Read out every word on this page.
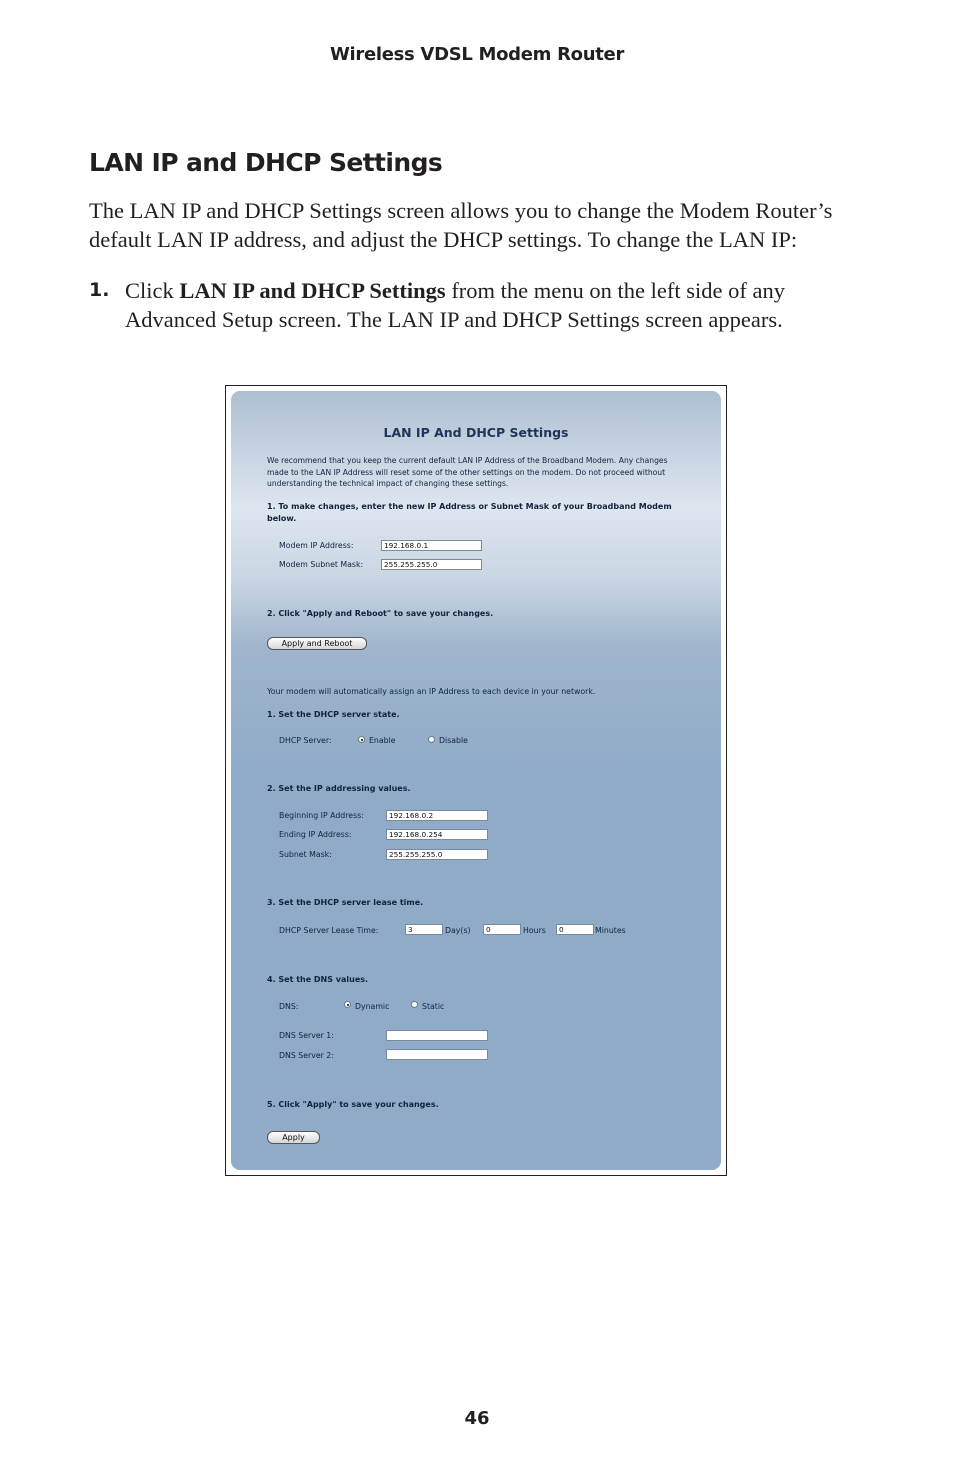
Wireless VDSL Modem Router
LAN IP and DHCP Settings

The LAN IP and DHCP Settings screen allows you to change the Modem Router’s default LAN IP address, and adjust the DHCP settings. To change the LAN IP:

1. Click LAN IP and DHCP Settings from the menu on the left side of any Advanced Setup screen. The LAN IP and DHCP Settings screen appears.
LAN IP And DHCP Settings
We recommend that you keep the current default LAN IP Address of the Broadband Modem. Any changes made to the LAN IP Address will reset some of the other settings on the modem. Do not proceed without understanding the technical impact of changing these settings.
1. To make changes, enter the new IP Address or Subnet Mask of your Broadband Modem below.
Modem IP Address:	192.168.0.1
Modem Subnet Mask:	255.255.255.0
2. Click "Apply and Reboot" to save your changes.
Apply and Reboot
Your modem will automatically assign an IP Address to each device in your network.
1. Set the DHCP server state.
DHCP Server:	Enable	Disable
2. Set the IP addressing values.
Beginning IP Address:	192.168.0.2
Ending IP Address:	192.168.0.254
Subnet Mask:	255.255.255.0
3. Set the DHCP server lease time.
DHCP Server Lease Time:	3	Day(s)	0	Hours	0	Minutes
4. Set the DNS values.
DNS:	Dynamic	Static
DNS Server 1:
DNS Server 2:
5. Click "Apply" to save your changes.
Apply
46
